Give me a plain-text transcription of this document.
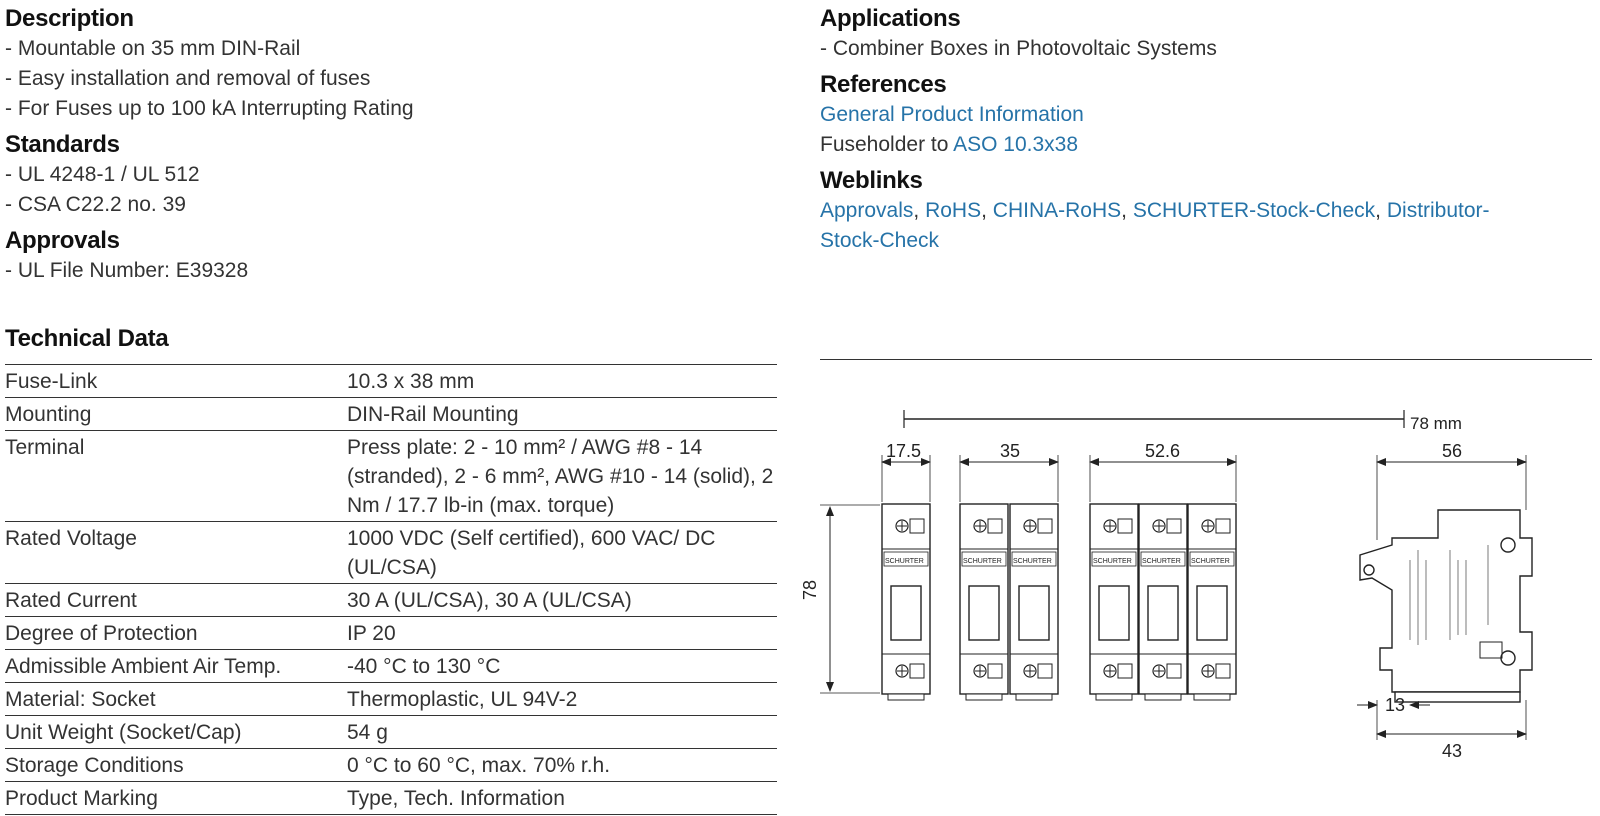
Description
- Mountable on 35 mm DIN-Rail
- Easy installation and removal of fuses
- For Fuses up to 100 kA Interrupting Rating
Standards
- UL 4248-1 / UL 512
- CSA C22.2 no. 39
Approvals
- UL File Number: E39328
Applications
- Combiner Boxes in Photovoltaic Systems
References
General Product Information
Fuseholder to ASO 10.3x38
Weblinks
Approvals, RoHS, CHINA-RoHS, SCHURTER-Stock-Check, Distributor-
Stock-Check
Technical Data
Fuse-Link	10.3 x 38 mm
Mounting	DIN-Rail Mounting
Terminal	Press plate: 2 - 10 mm² / AWG #8 - 14 (stranded), 2 - 6 mm², AWG #10 - 14 (solid), 2 Nm / 17.7 lb-in (max. torque)
Rated Voltage	1000 VDC (Self certified), 600 VAC/ DC (UL/CSA)
Rated Current	30 A (UL/CSA), 30 A (UL/CSA)
Degree of Protection	IP 20
Admissible Ambient Air Temp.	-40 °C to 130 °C
Material: Socket	Thermoplastic, UL 94V-2
Unit Weight (Socket/Cap)	54 g
Storage Conditions	0 °C to 60 °C, max. 70% r.h.
Product Marking	Type, Tech. Information
78 mm
17.5	35	52.6	56
78
SCHURTER	SCHURTER SCHURTER	SCHURTER SCHURTER SCHURTER
13
43
